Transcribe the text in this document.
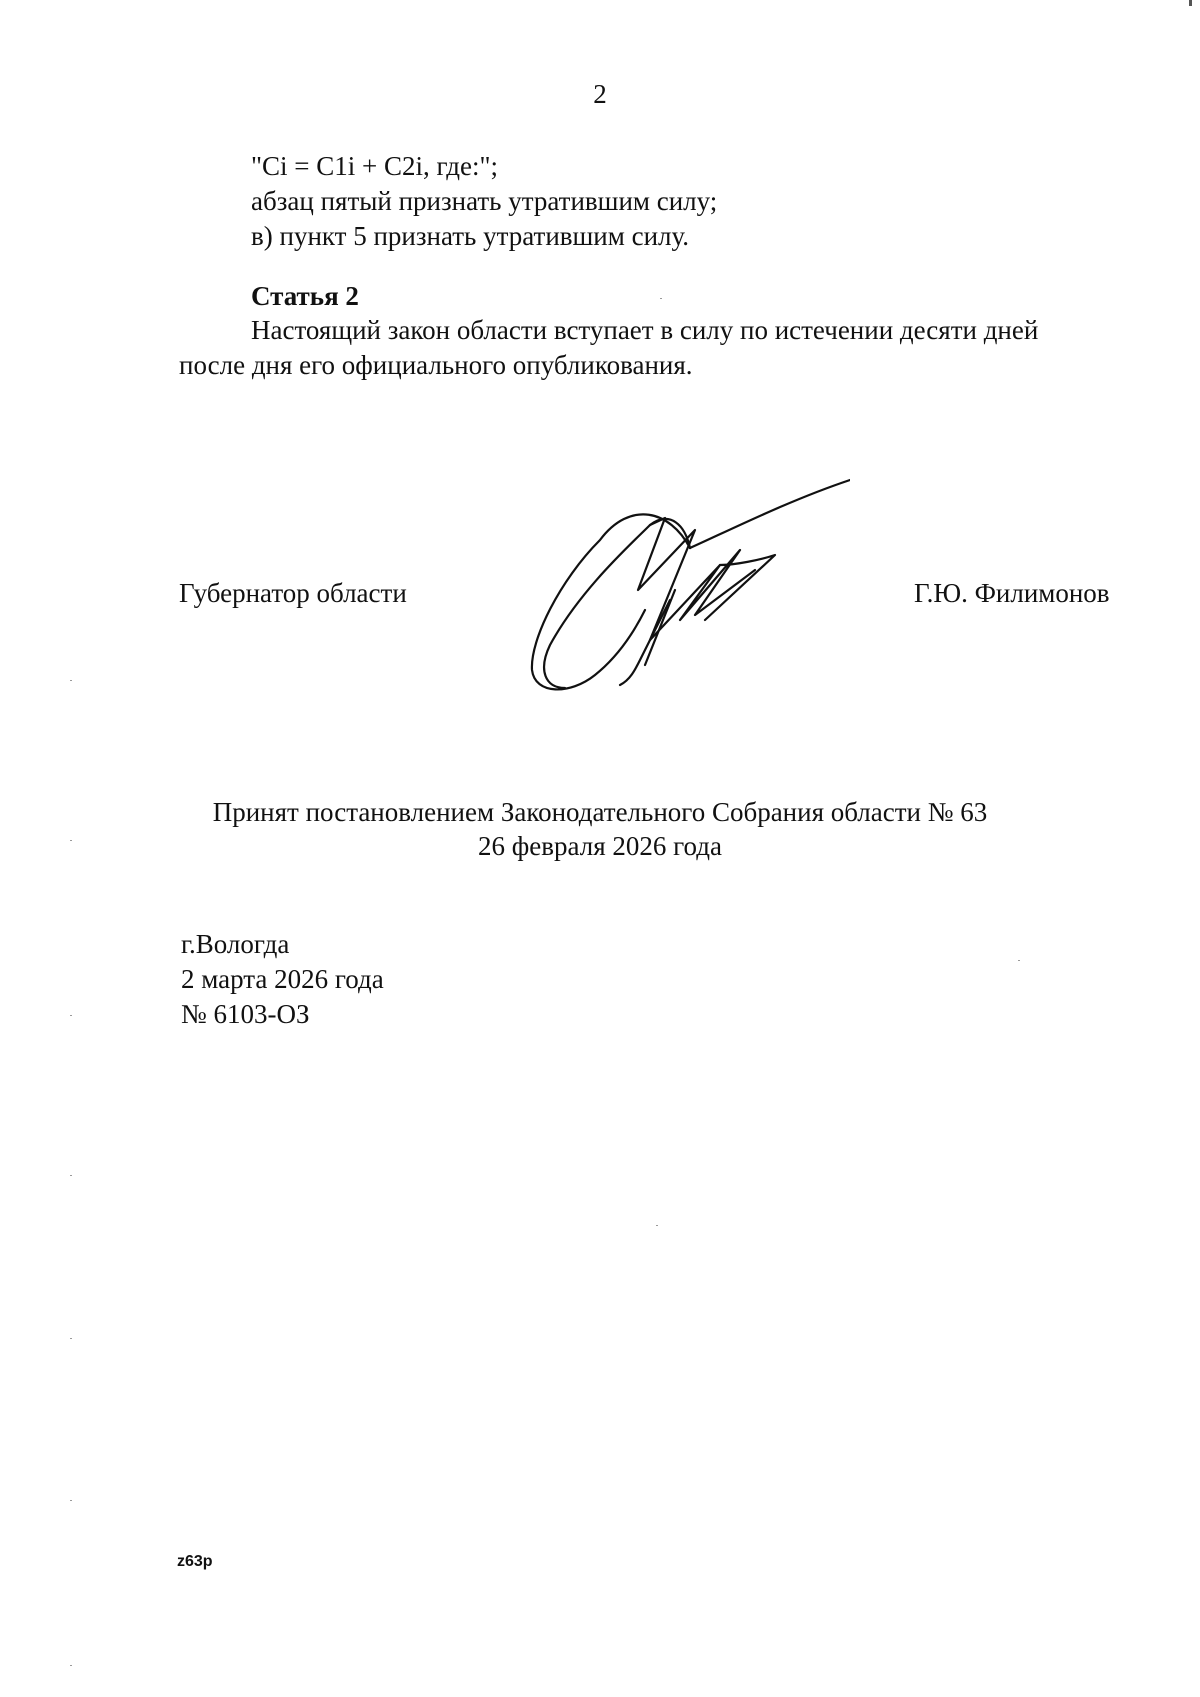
2
"Ci = C1i + C2i, где:";
абзац пятый признать утратившим силу;
в) пункт 5 признать утратившим силу.
Статья 2
Настоящий закон области вступает в силу по истечении десяти дней
после дня его официального опубликования.
Губернатор области	Г.Ю. Филимонов
Принят постановлением Законодательного Собрания области № 63
26 февраля 2026 года
г.Вологда
2 марта 2026 года
№ 6103-ОЗ
z63p
